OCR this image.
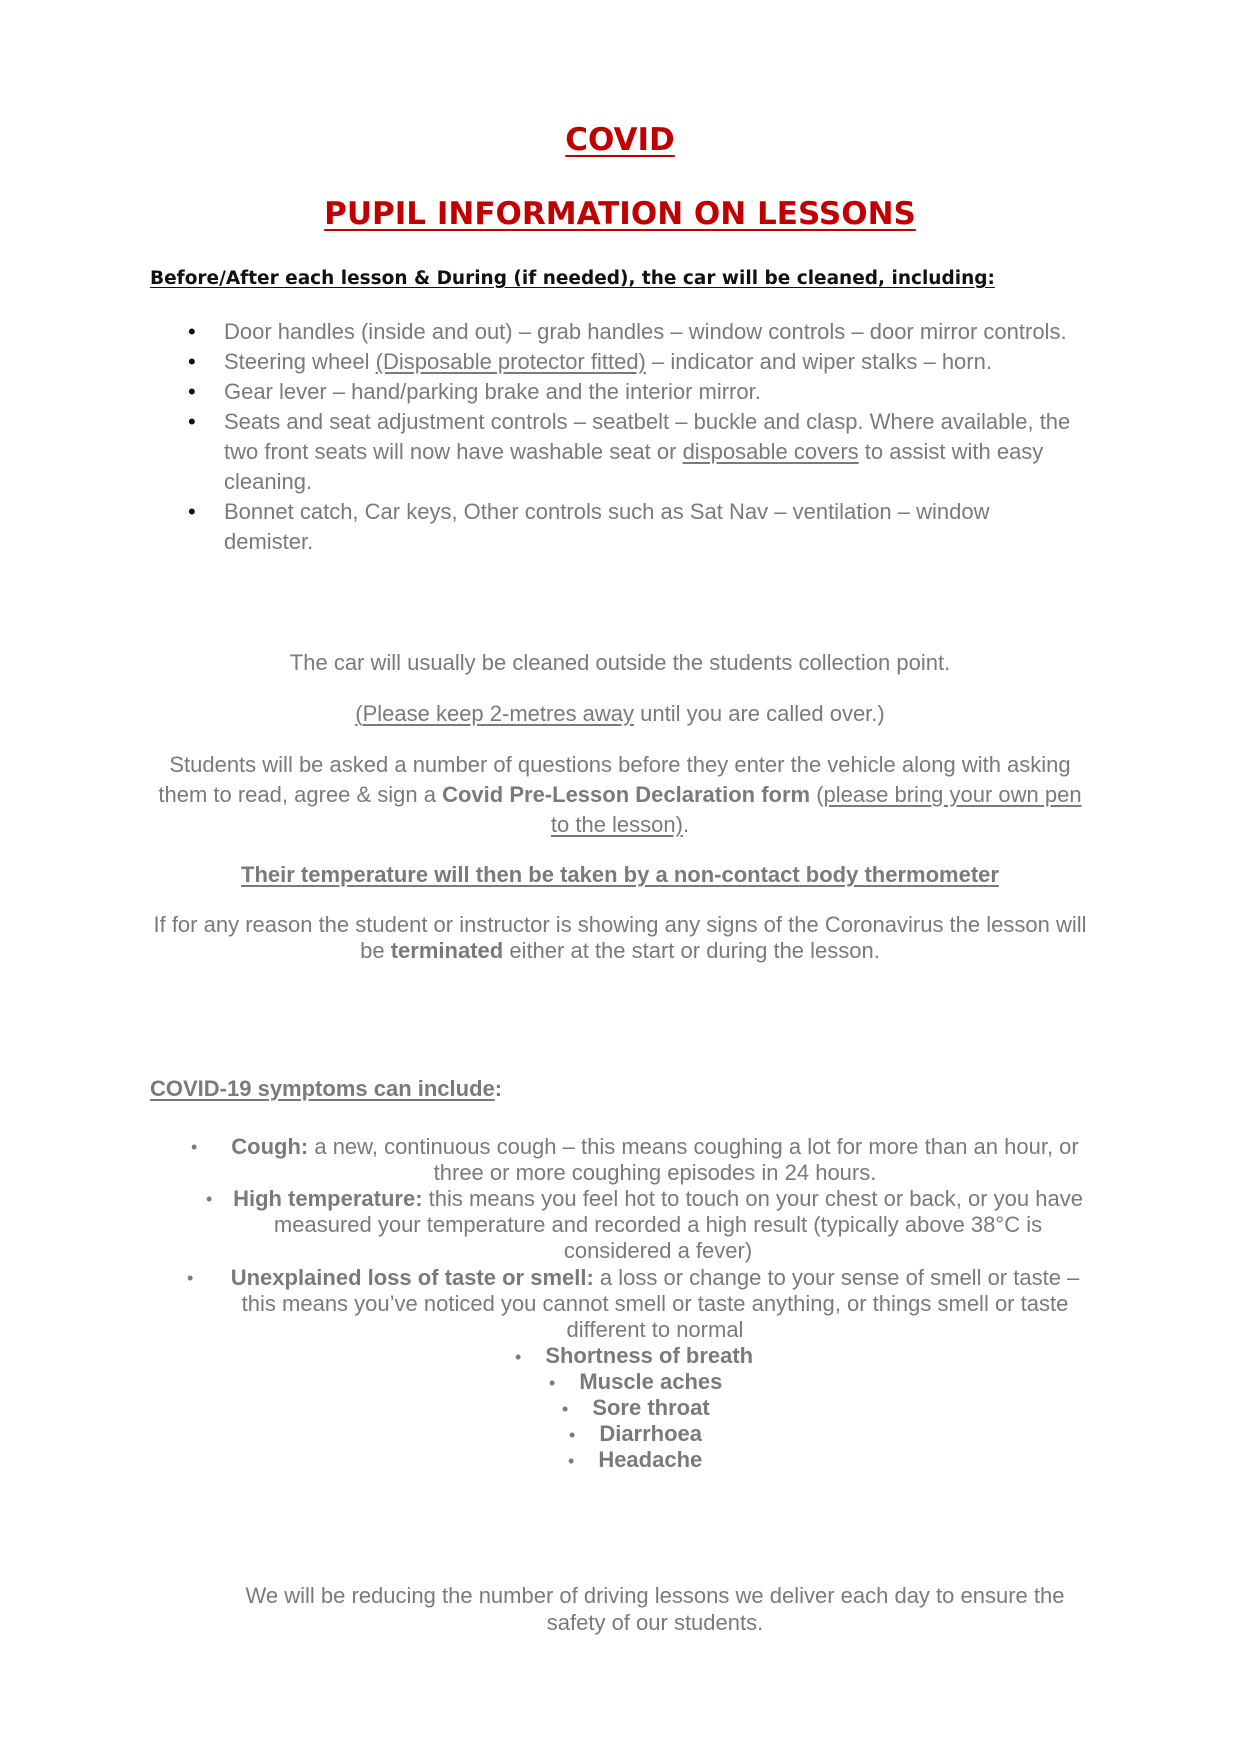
COVID
PUPIL INFORMATION ON LESSONS

Before/After each lesson & During (if needed), the car will be cleaned, including:

• Door handles (inside and out) – grab handles – window controls – door mirror controls.
• Steering wheel (Disposable protector fitted) – indicator and wiper stalks – horn.
• Gear lever – hand/parking brake and the interior mirror.
• Seats and seat adjustment controls – seatbelt – buckle and clasp. Where available, the two front seats will now have washable seat or disposable covers to assist with easy cleaning.
• Bonnet catch, Car keys, Other controls such as Sat Nav – ventilation – window demister.

The car will usually be cleaned outside the students collection point.

(Please keep 2-metres away until you are called over.)

Students will be asked a number of questions before they enter the vehicle along with asking them to read, agree & sign a Covid Pre-Lesson Declaration form (please bring your own pen to the lesson).

Their temperature will then be taken by a non-contact body thermometer

If for any reason the student or instructor is showing any signs of the Coronavirus the lesson will be terminated either at the start or during the lesson.

COVID-19 symptoms can include:

• Cough: a new, continuous cough – this means coughing a lot for more than an hour, or three or more coughing episodes in 24 hours.

• High temperature: this means you feel hot to touch on your chest or back, or you have measured your temperature and recorded a high result (typically above 38°C is considered a fever)

• Unexplained loss of taste or smell: a loss or change to your sense of smell or taste – this means you’ve noticed you cannot smell or taste anything, or things smell or taste different to normal

• Shortness of breath
• Muscle aches
• Sore throat
• Diarrhoea
• Headache

We will be reducing the number of driving lessons we deliver each day to ensure the safety of our students.
